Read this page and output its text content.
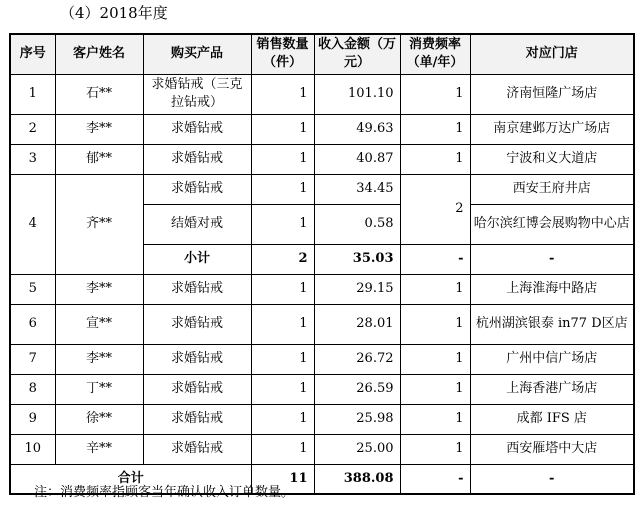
（4）2018年度
序号	客户姓名	购买产品	销售数量（件）	收入金额（万元）	消费频率（单/年）	对应门店
1	石**	求婚钻戒（三克拉钻戒）	1	101.10	1	济南恒隆广场店
2	李**	求婚钻戒	1	49.63	1	南京建邺万达广场店
3	郁**	求婚钻戒	1	40.87	1	宁波和义大道店
4	齐**	求婚钻戒	1	34.45	2	西安王府井店
		结婚对戒	1	0.58		哈尔滨红博会展购物中心店
		小计	2	35.03	-	-
5	李**	求婚钻戒	1	29.15	1	上海淮海中路店
6	宣**	求婚钻戒	1	28.01	1	杭州湖滨银泰 in77 D区店
7	李**	求婚钻戒	1	26.72	1	广州中信广场店
8	丁**	求婚钻戒	1	26.59	1	上海香港广场店
9	徐**	求婚钻戒	1	25.98	1	成都 IFS 店
10	辛**	求婚钻戒	1	25.00	1	西安雁塔中大店
合计			11	388.08	-	-
注：消费频率指顾客当年确认收入订单数量。
